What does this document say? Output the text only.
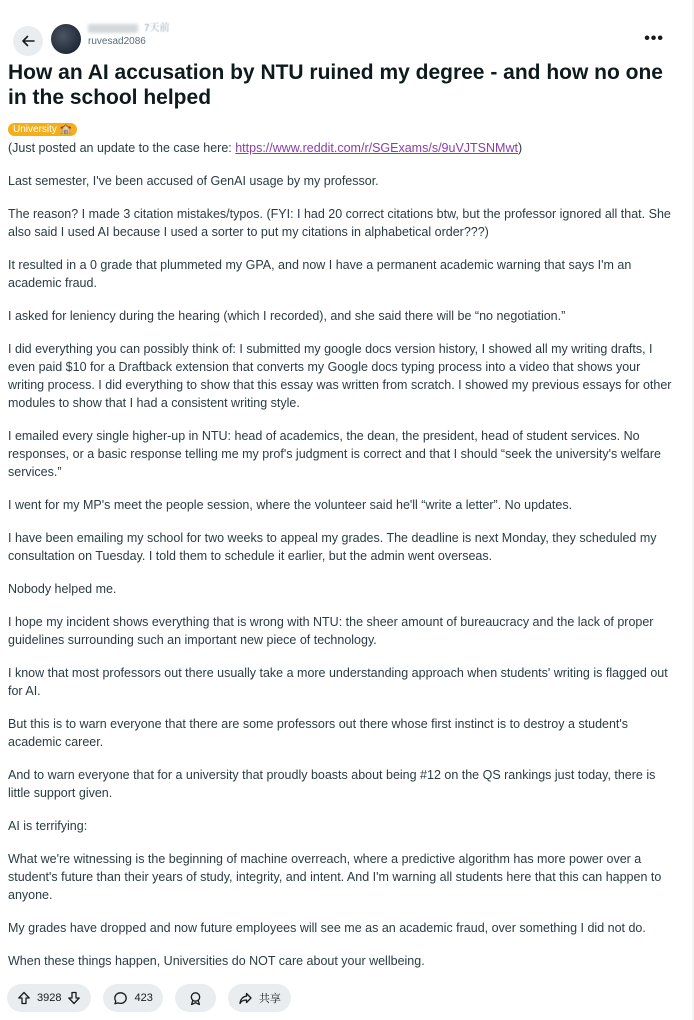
7天前
ruvesad2086	•••
How an AI accusation by NTU ruined my degree - and how no one in the school helped
University 🏫

(Just posted an update to the case here: https://www.reddit.com/r/SGExams/s/9uVJTSNMwt)

Last semester, I've been accused of GenAI usage by my professor.

The reason? I made 3 citation mistakes/typos. (FYI: I had 20 correct citations btw, but the professor ignored all that. She also said I used AI because I used a sorter to put my citations in alphabetical order???)

It resulted in a 0 grade that plummeted my GPA, and now I have a permanent academic warning that says I'm an academic fraud.

I asked for leniency during the hearing (which I recorded), and she said there will be “no negotiation.”

I did everything you can possibly think of: I submitted my google docs version history, I showed all my writing drafts, I even paid $10 for a Draftback extension that converts my Google docs typing process into a video that shows your writing process. I did everything to show that this essay was written from scratch. I showed my previous essays for other modules to show that I had a consistent writing style.

I emailed every single higher-up in NTU: head of academics, the dean, the president, head of student services. No responses, or a basic response telling me my prof's judgment is correct and that I should “seek the university's welfare services.”

I went for my MP's meet the people session, where the volunteer said he'll “write a letter”. No updates.

I have been emailing my school for two weeks to appeal my grades. The deadline is next Monday, they scheduled my consultation on Tuesday. I told them to schedule it earlier, but the admin went overseas.

Nobody helped me.

I hope my incident shows everything that is wrong with NTU: the sheer amount of bureaucracy and the lack of proper guidelines surrounding such an important new piece of technology.

I know that most professors out there usually take a more understanding approach when students' writing is flagged out for AI.

But this is to warn everyone that there are some professors out there whose first instinct is to destroy a student's academic career.

And to warn everyone that for a university that proudly boasts about being #12 on the QS rankings just today, there is little support given.

AI is terrifying:

What we're witnessing is the beginning of machine overreach, where a predictive algorithm has more power over a student's future than their years of study, integrity, and intent. And I'm warning all students here that this can happen to anyone.

My grades have dropped and now future employees will see me as an academic fraud, over something I did not do.

When these things happen, Universities do NOT care about your wellbeing.

3928	423	共享
